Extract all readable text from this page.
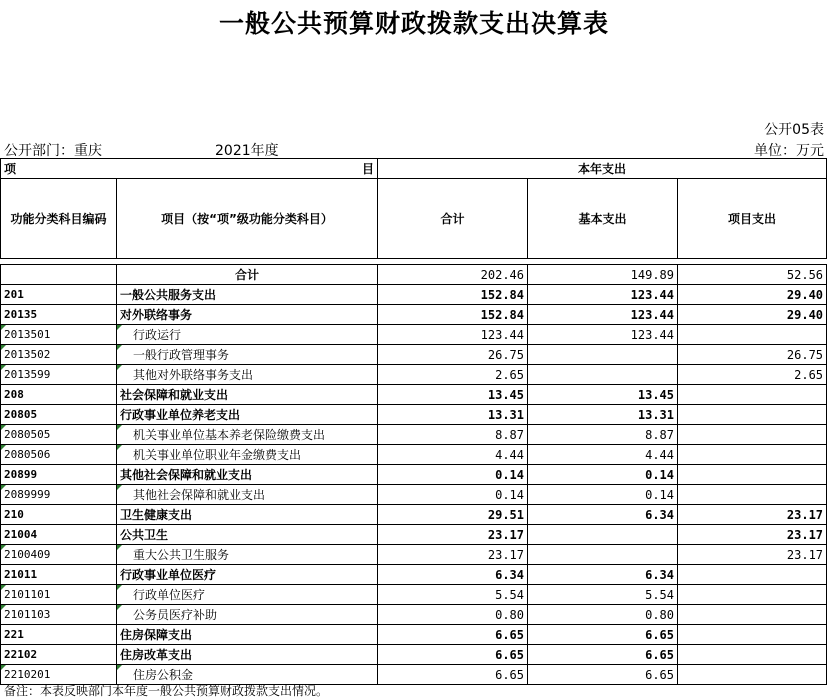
一般公共预算财政拨款支出决算表
公开05表
公开部门：重庆	2021年度	单位：万元
项	目	本年支出		
功能分类科目编码	项目（按“项”级功能分类科目）	合计	基本支出	项目支出

	合计	202.46	149.89	52.56
201	一般公共服务支出	152.84	123.44	29.40
20135	对外联络事务	152.84	123.44	29.40

2013501	行政运行	123.44	123.44	

2013502	一般行政管理事务	26.75		26.75

2013599	其他对外联络事务支出	2.65		2.65
208	社会保障和就业支出	13.45	13.45	
20805	行政事业单位养老支出	13.31	13.31	

2080505	机关事业单位基本养老保险缴费支出	8.87	8.87	

2080506	机关事业单位职业年金缴费支出	4.44	4.44	
20899	其他社会保障和就业支出	0.14	0.14	

2089999	其他社会保障和就业支出	0.14	0.14	
210	卫生健康支出	29.51	6.34	23.17
21004	公共卫生	23.17		23.17

2100409	重大公共卫生服务	23.17		23.17
21011	行政事业单位医疗	6.34	6.34	

2101101	行政单位医疗	5.54	5.54	

2101103	公务员医疗补助	0.80	0.80	
221	住房保障支出	6.65	6.65	
22102	住房改革支出	6.65	6.65	

2210201	住房公积金	6.65	6.65	
备注：本表反映部门本年度一般公共预算财政拨款支出情况。
